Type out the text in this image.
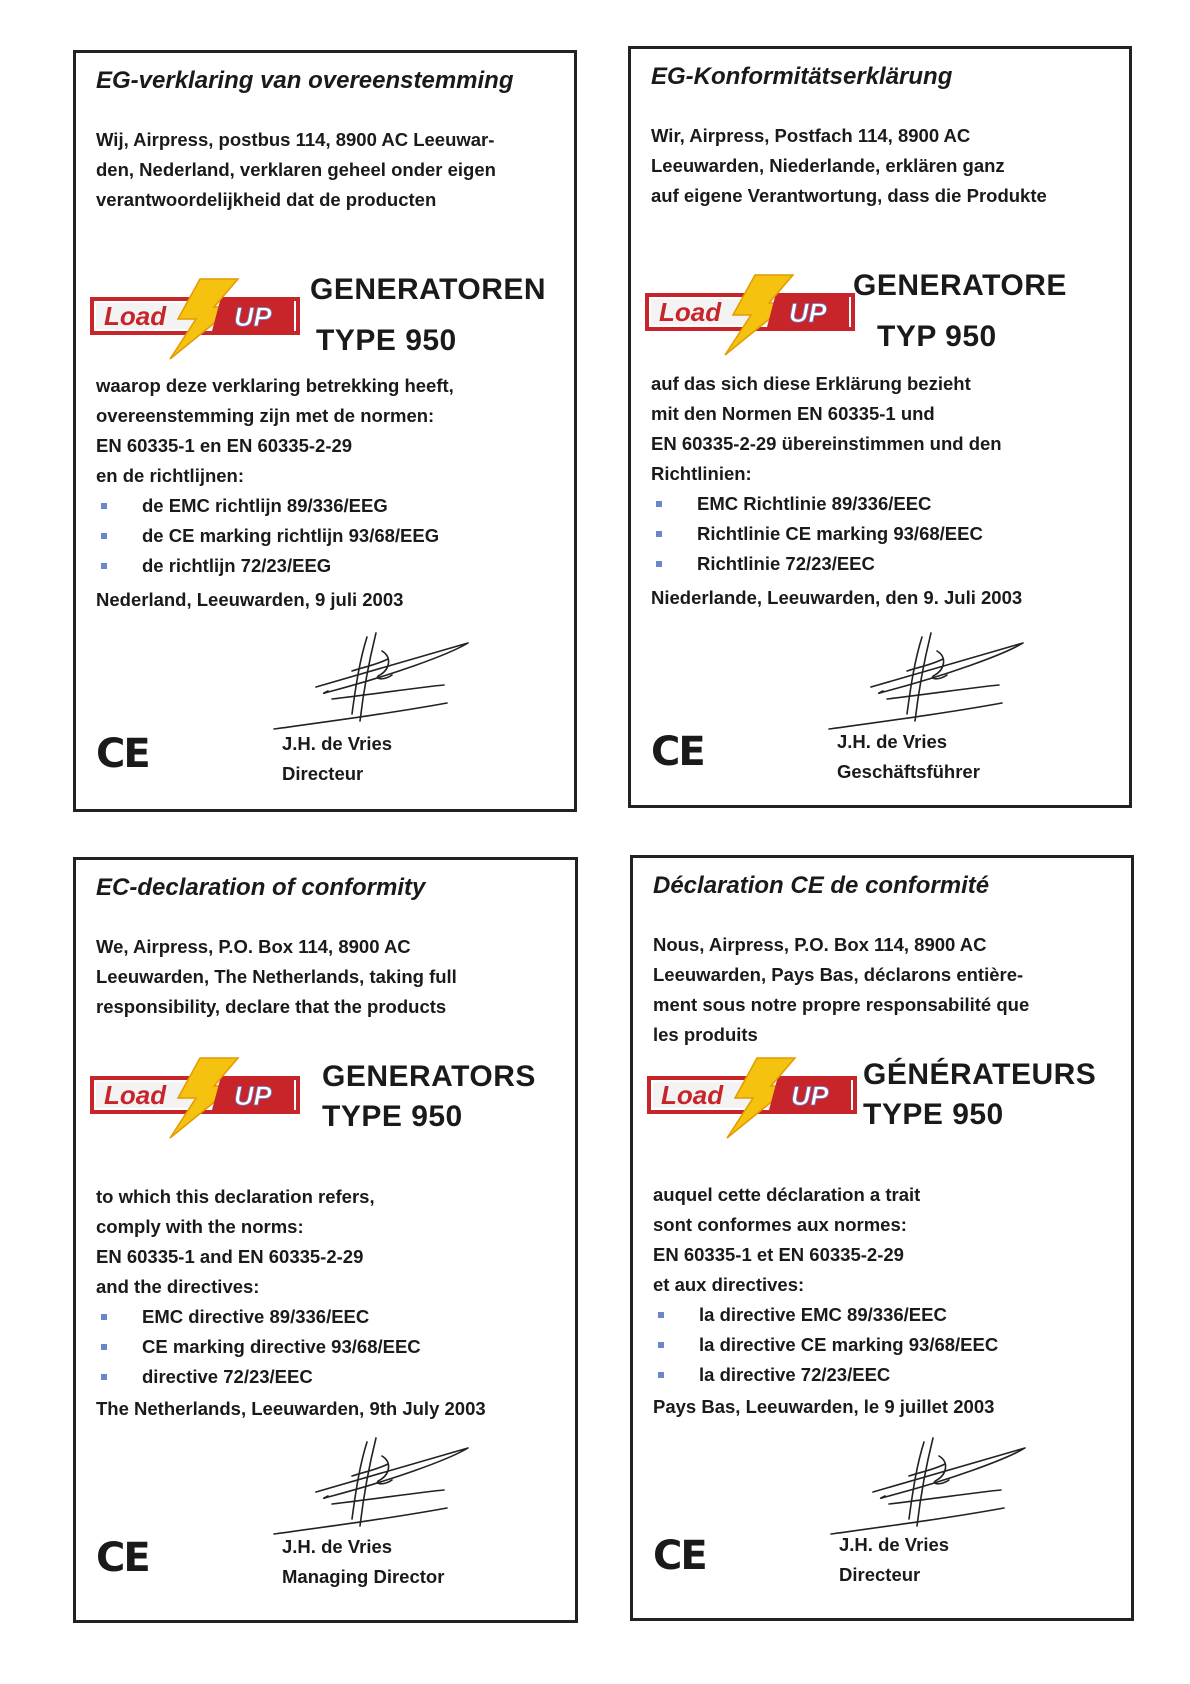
EG-verklaring van overeenstemming
Wij, Airpress, postbus 114, 8900 AC Leeuwar-
den, Nederland, verklaren geheel onder eigen
verantwoordelijkheid dat de producten
Load	UP
GENERATOREN
TYPE 950
waarop deze verklaring betrekking heeft,
overeenstemming zijn met de normen:
EN 60335-1 en EN 60335-2-29
en de richtlijnen:
de EMC richtlijn 89/336/EEG
de CE marking richtlijn 93/68/EEG
de richtlijn 72/23/EEG
Nederland, Leeuwarden, 9 juli 2003
CE	J.H. de Vries
Directeur
EG-Konformitätserklärung
Wir, Airpress, Postfach 114, 8900 AC
Leeuwarden, Niederlande, erklären ganz
auf eigene Verantwortung, dass die Produkte
Load	UP
GENERATORE
TYP 950
auf das sich diese Erklärung bezieht
mit den Normen EN 60335-1 und
EN 60335-2-29 übereinstimmen und den
Richtlinien:
EMC Richtlinie 89/336/EEC
Richtlinie CE marking 93/68/EEC
Richtlinie 72/23/EEC
Niederlande, Leeuwarden, den 9. Juli 2003
CE	J.H. de Vries
Geschäftsführer
EC-declaration of conformity
We, Airpress, P.O. Box 114, 8900 AC
Leeuwarden, The Netherlands, taking full
responsibility, declare that the products
Load	UP
GENERATORS
TYPE 950
to which this declaration refers,
comply with the norms:
EN 60335-1 and EN 60335-2-29
and the directives:
EMC directive 89/336/EEC
CE marking directive 93/68/EEC
directive 72/23/EEC
The Netherlands, Leeuwarden, 9th July 2003
CE	J.H. de Vries
Managing Director
Déclaration CE de conformité
Nous, Airpress, P.O. Box 114, 8900 AC
Leeuwarden, Pays Bas, déclarons entière-
ment sous notre propre responsabilité que
les produits
Load	UP
GÉNÉRATEURS
TYPE 950
auquel cette déclaration a trait
sont conformes aux normes:
EN 60335-1 et EN 60335-2-29
et aux directives:
la directive EMC 89/336/EEC
la directive CE marking 93/68/EEC
la directive 72/23/EEC
Pays Bas, Leeuwarden, le 9 juillet 2003
CE	J.H. de Vries
Directeur
